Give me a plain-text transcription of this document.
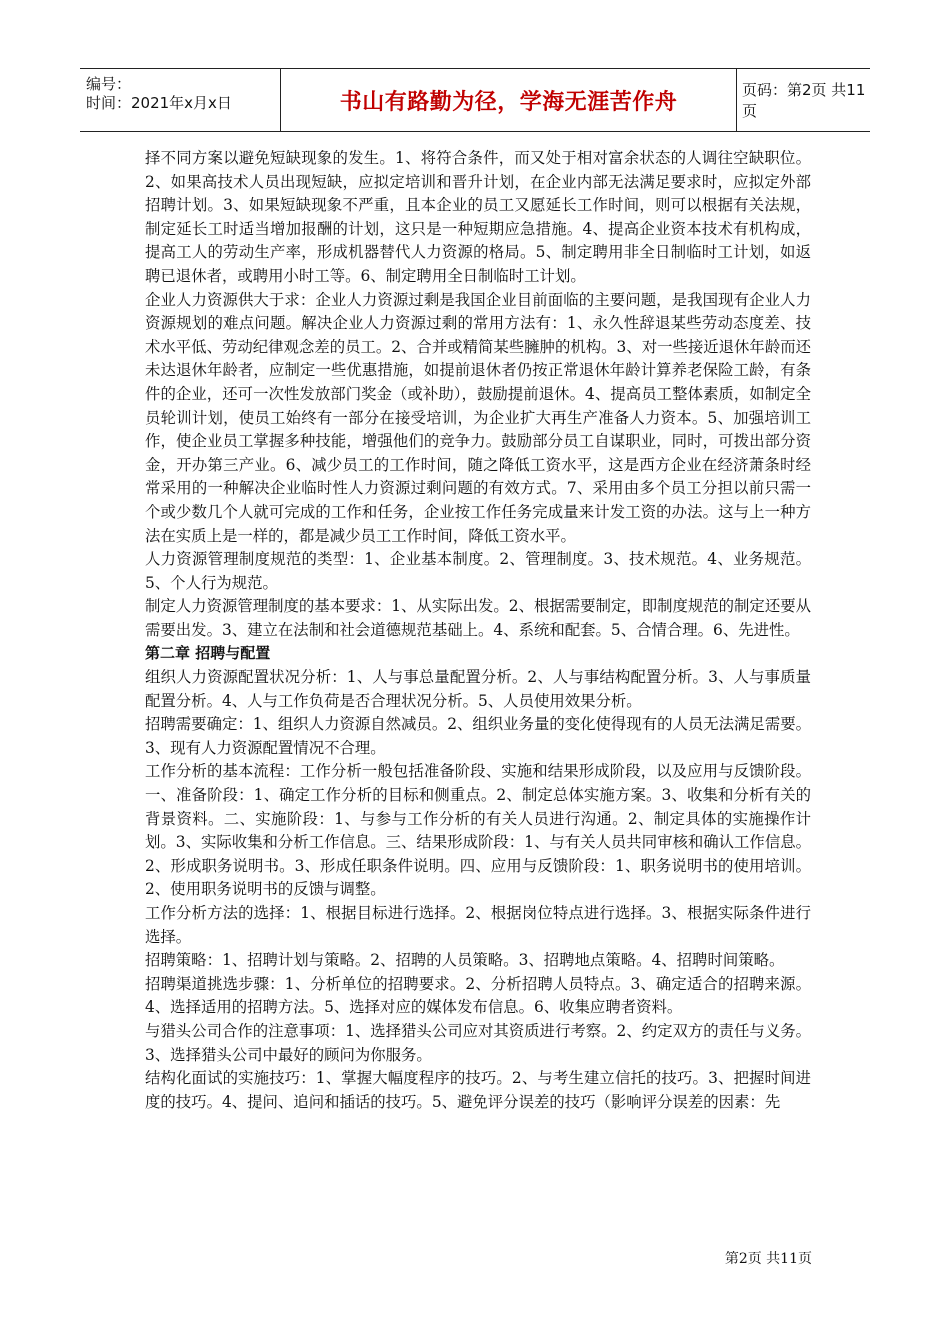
编号：
时间：2021年x月x日	书山有路勤为径，学海无涯苦作舟	页码：第2页 共11页

择不同方案以避免短缺现象的发生。1、将符合条件，而又处于相对富余状态的人调往空缺职位。2、如果高技术人员出现短缺，应拟定培训和晋升计划，在企业内部无法满足要求时，应拟定外部招聘计划。3、如果短缺现象不严重，且本企业的员工又愿延长工作时间，则可以根据有关法规，制定延长工时适当增加报酬的计划，这只是一种短期应急措施。4、提高企业资本技术有机构成，提高工人的劳动生产率，形成机器替代人力资源的格局。5、制定聘用非全日制临时工计划，如返聘已退休者，或聘用小时工等。6、制定聘用全日制临时工计划。

企业人力资源供大于求：企业人力资源过剩是我国企业目前面临的主要问题，是我国现有企业人力资源规划的难点问题。解决企业人力资源过剩的常用方法有：1、永久性辞退某些劳动态度差、技术水平低、劳动纪律观念差的员工。2、合并或精简某些臃肿的机构。3、对一些接近退休年龄而还未达退休年龄者，应制定一些优惠措施，如提前退休者仍按正常退休年龄计算养老保险工龄，有条件的企业，还可一次性发放部门奖金（或补助），鼓励提前退休。4、提高员工整体素质，如制定全员轮训计划，使员工始终有一部分在接受培训，为企业扩大再生产准备人力资本。5、加强培训工作，使企业员工掌握多种技能，增强他们的竞争力。鼓励部分员工自谋职业，同时，可拨出部分资金，开办第三产业。6、减少员工的工作时间，随之降低工资水平，这是西方企业在经济萧条时经常采用的一种解决企业临时性人力资源过剩问题的有效方式。7、采用由多个员工分担以前只需一个或少数几个人就可完成的工作和任务，企业按工作任务完成量来计发工资的办法。这与上一种方法在实质上是一样的，都是减少员工工作时间，降低工资水平。

人力资源管理制度规范的类型：1、企业基本制度。2、管理制度。3、技术规范。4、业务规范。5、个人行为规范。

制定人力资源管理制度的基本要求：1、从实际出发。2、根据需要制定，即制度规范的制定还要从需要出发。3、建立在法制和社会道德规范基础上。4、系统和配套。5、合情合理。6、先进性。

第二章 招聘与配置

组织人力资源配置状况分析：1、人与事总量配置分析。2、人与事结构配置分析。3、人与事质量配置分析。4、人与工作负荷是否合理状况分析。5、人员使用效果分析。

招聘需要确定：1、组织人力资源自然减员。2、组织业务量的变化使得现有的人员无法满足需要。3、现有人力资源配置情况不合理。

工作分析的基本流程：工作分析一般包括准备阶段、实施和结果形成阶段，以及应用与反馈阶段。一、准备阶段：1、确定工作分析的目标和侧重点。2、制定总体实施方案。3、收集和分析有关的背景资料。二、实施阶段：1、与参与工作分析的有关人员进行沟通。2、制定具体的实施操作计划。3、实际收集和分析工作信息。三、结果形成阶段：1、与有关人员共同审核和确认工作信息。2、形成职务说明书。3、形成任职条件说明。四、应用与反馈阶段：1、职务说明书的使用培训。2、使用职务说明书的反馈与调整。

工作分析方法的选择：1、根据目标进行选择。2、根据岗位特点进行选择。3、根据实际条件进行选择。

招聘策略：1、招聘计划与策略。2、招聘的人员策略。3、招聘地点策略。4、招聘时间策略。

招聘渠道挑选步骤：1、分析单位的招聘要求。2、分析招聘人员特点。3、确定适合的招聘来源。4、选择适用的招聘方法。5、选择对应的媒体发布信息。6、收集应聘者资料。

与猎头公司合作的注意事项：1、选择猎头公司应对其资质进行考察。2、约定双方的责任与义务。3、选择猎头公司中最好的顾问为你服务。

结构化面试的实施技巧：1、掌握大幅度程序的技巧。2、与考生建立信托的技巧。3、把握时间进度的技巧。4、提问、追问和插话的技巧。5、避免评分误差的技巧（影响评分误差的因素：先

第2页 共11页
